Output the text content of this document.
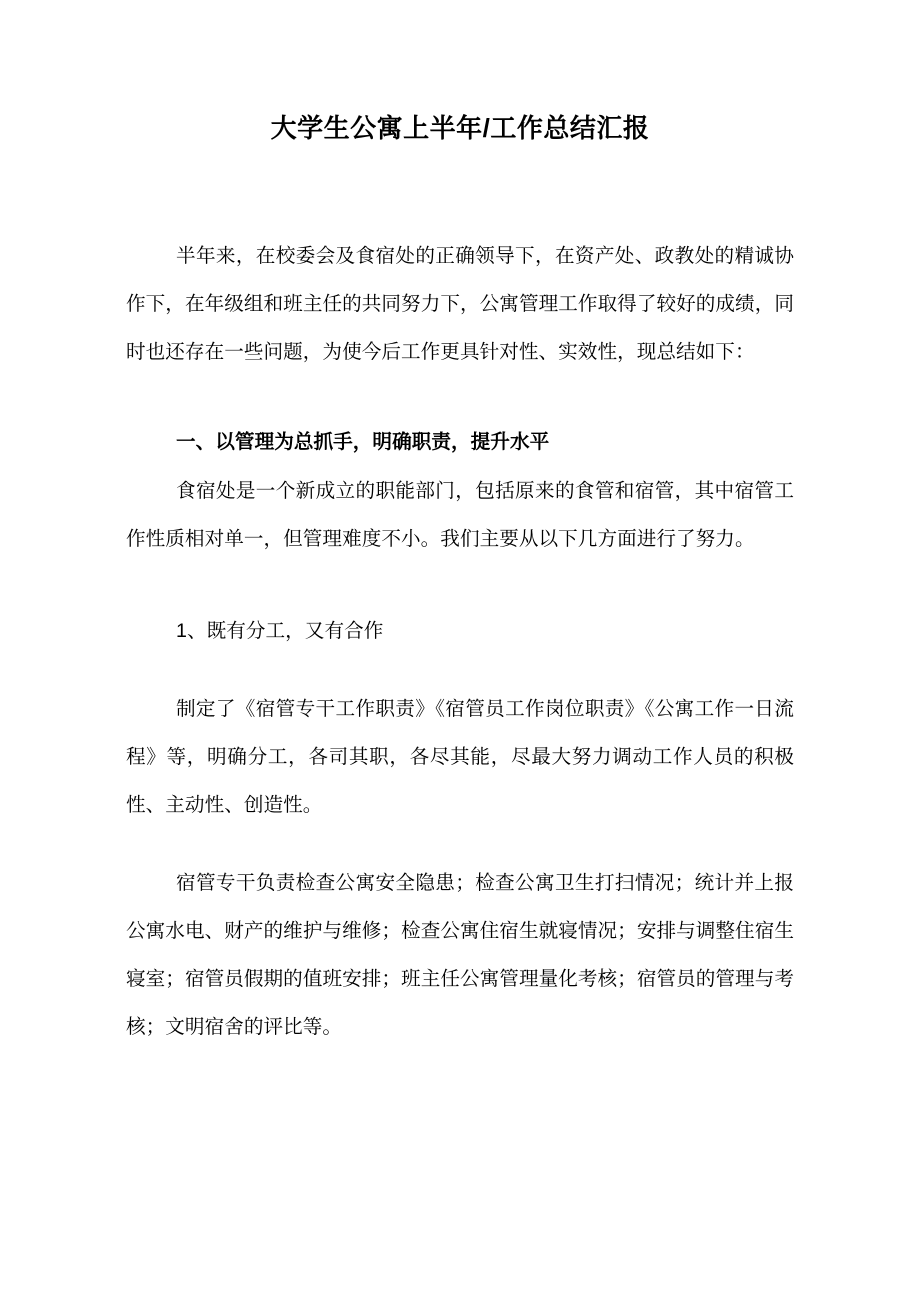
大学生公寓上半年/工作总结汇报

半年来，在校委会及食宿处的正确领导下，在资产处、政教处的精诚协作下，在年级组和班主任的共同努力下，公寓管理工作取得了较好的成绩，同时也还存在一些问题，为使今后工作更具针对性、实效性，现总结如下：

一、以管理为总抓手，明确职责，提升水平

食宿处是一个新成立的职能部门，包括原来的食管和宿管，其中宿管工作性质相对单一，但管理难度不小。我们主要从以下几方面进行了努力。

1、既有分工，又有合作

制定了《宿管专干工作职责》《宿管员工作岗位职责》《公寓工作一日流程》等，明确分工，各司其职，各尽其能，尽最大努力调动工作人员的积极性、主动性、创造性。

宿管专干负责检查公寓安全隐患；检查公寓卫生打扫情况；统计并上报公寓水电、财产的维护与维修；检查公寓住宿生就寝情况；安排与调整住宿生寝室；宿管员假期的值班安排；班主任公寓管理量化考核；宿管员的管理与考核；文明宿舍的评比等。
